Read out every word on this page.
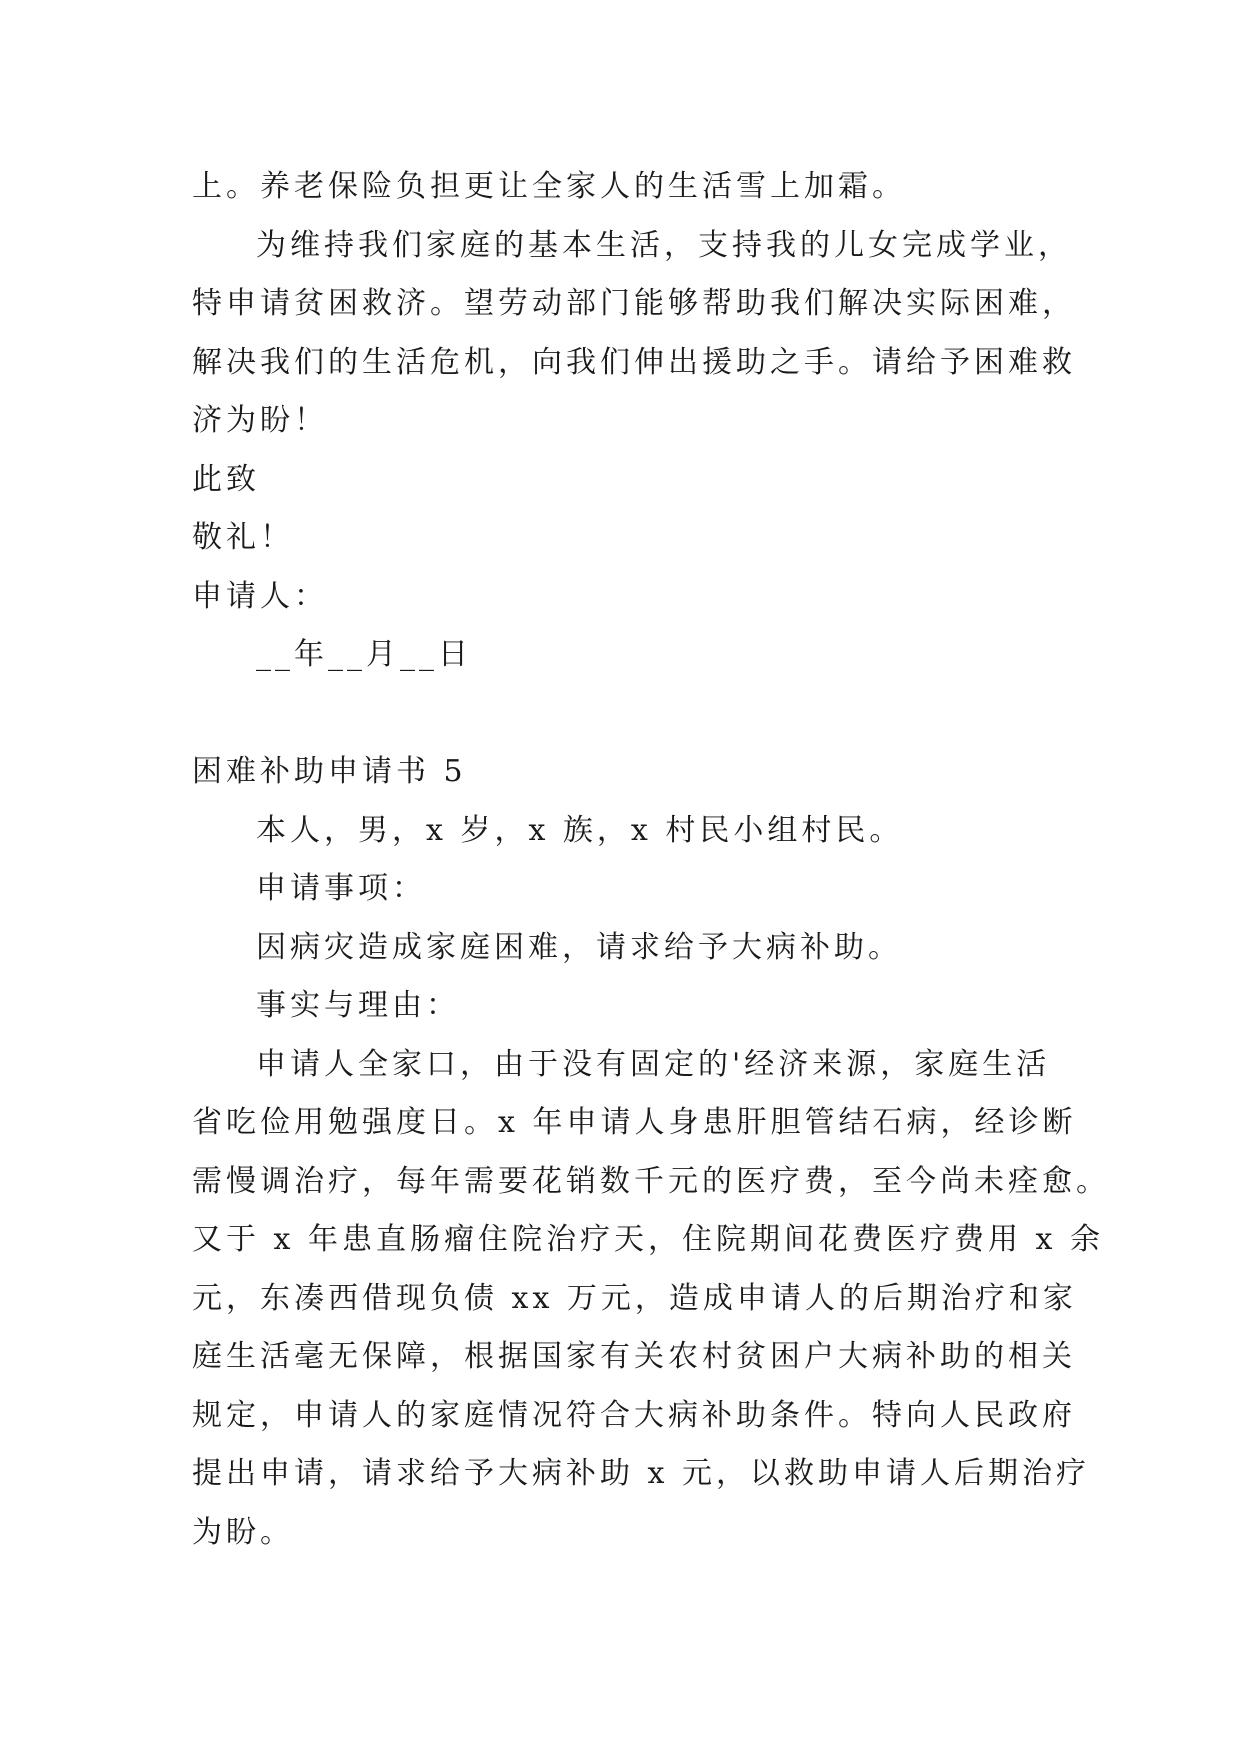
上。养老保险负担更让全家人的生活雪上加霜。
为维持我们家庭的基本生活，支持我的儿女完成学业，
特申请贫困救济。望劳动部门能够帮助我们解决实际困难，
解决我们的生活危机，向我们伸出援助之手。请给予困难救
济为盼！
此致
敬礼！
申请人：
__年__月__日
困难补助申请书 5
本人，男，x 岁，x 族，x 村民小组村民。
申请事项：
因病灾造成家庭困难，请求给予大病补助。
事实与理由：
申请人全家口，由于没有固定的'经济来源，家庭生活
省吃俭用勉强度日。x 年申请人身患肝胆管结石病，经诊断
需慢调治疗，每年需要花销数千元的医疗费，至今尚未痊愈。
又于 x 年患直肠瘤住院治疗天，住院期间花费医疗费用 x 余
元，东凑西借现负债 xx 万元，造成申请人的后期治疗和家
庭生活毫无保障，根据国家有关农村贫困户大病补助的相关
规定，申请人的家庭情况符合大病补助条件。特向人民政府
提出申请，请求给予大病补助 x 元，以救助申请人后期治疗
为盼。
